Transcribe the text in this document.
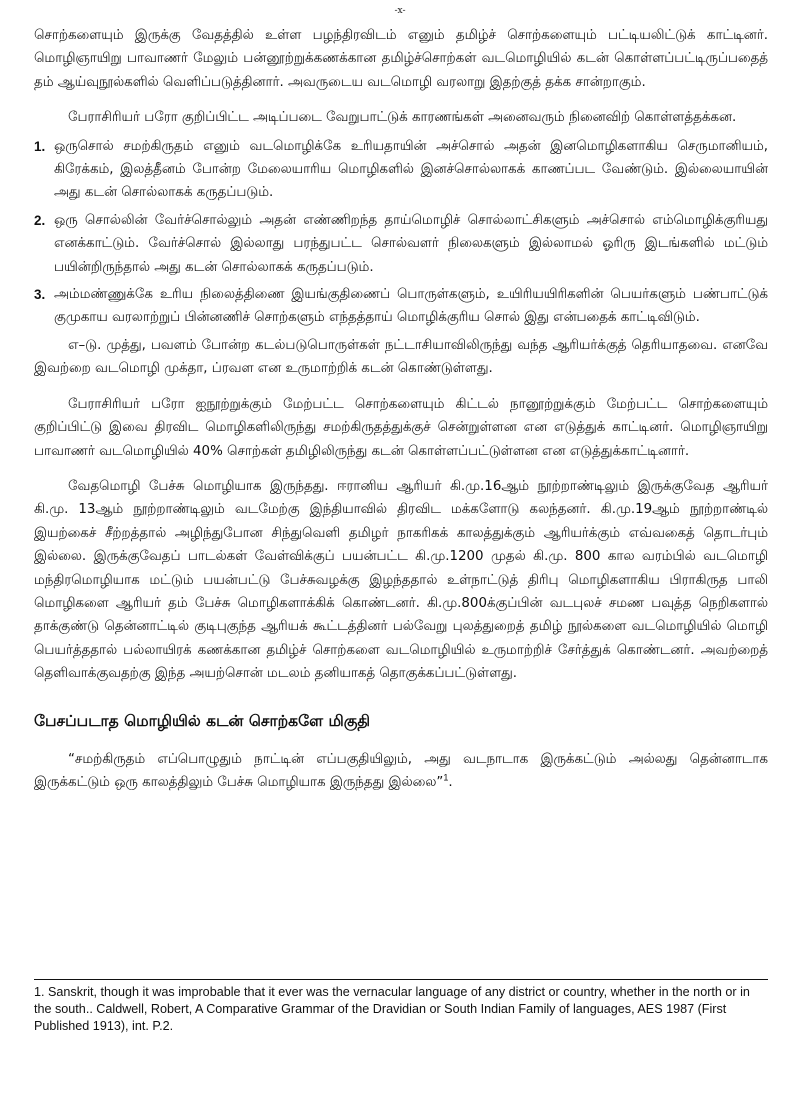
-x-

சொற்களையும் இருக்கு வேதத்தில் உள்ள பழந்திரவிடம் எனும் தமிழ்ச் சொற்களையும் பட்டியலிட்டுக் காட்டினர். மொழிஞாயிறு பாவாணர் மேலும் பன்னூற்றுக்கணக்கான தமிழ்ச்சொற்கள் வடமொழியில் கடன் கொள்ளப்பட்டிருப்பதைத் தம் ஆய்வுநூல்களில் வெளிப்படுத்தினார். அவருடைய வடமொழி வரலாறு இதற்குத் தக்க சான்றாகும்.

பேராசிரியர் பரோ குறிப்பிட்ட அடிப்படை வேறுபாட்டுக் காரணங்கள் அனைவரும் நினைவிற் கொள்ளத்தக்கன.

1. ஒருசொல் சமற்கிருதம் எனும் வடமொழிக்கே உரியதாயின் அச்சொல் அதன் இனமொழிகளாகிய செருமானியம், கிரேக்கம், இலத்தீனம் போன்ற மேலையாரிய மொழிகளில் இனச்சொல்லாகக் காணப்பட வேண்டும். இல்லையாயின் அது கடன் சொல்லாகக் கருதப்படும்.
2. ஒரு சொல்லின் வேர்ச்சொல்லும் அதன் எண்ணிறந்த தாய்மொழிச் சொல்லாட்சிகளும் அச்சொல் எம்மொழிக்குரியது எனக்காட்டும். வேர்ச்சொல் இல்லாது பரந்துபட்ட சொல்வளர் நிலைகளும் இல்லாமல் ஓரிரு இடங்களில் மட்டும் பயின்றிருந்தால் அது கடன் சொல்லாகக் கருதப்படும்.
3. அம்மண்ணுக்கே உரிய நிலைத்திணை இயங்குதிணைப் பொருள்களும், உயிரியயிரிகளின் பெயர்களும் பண்பாட்டுக் குமுகாய வரலாற்றுப் பின்னணிச் சொற்களும் எந்தத்தாய் மொழிக்குரிய சொல் இது என்பதைக் காட்டிவிடும்.

எ–டு. முத்து, பவளம் போன்ற கடல்படுபொருள்கள் நட்டாசியாவிலிருந்து வந்த ஆரியர்க்குத் தெரியாதவை. எனவே இவற்றை வடமொழி முக்தா, ப்ரவள என உருமாற்றிக் கடன் கொண்டுள்ளது.

பேராசிரியர் பரோ ஐநூற்றுக்கும் மேற்பட்ட சொற்களையும் கிட்டல் நானூற்றுக்கும் மேற்பட்ட சொற்களையும் குறிப்பிட்டு இவை திரவிட மொழிகளிலிருந்து சமற்கிருதத்துக்குச் சென்றுள்ளன என எடுத்துக் காட்டினர். மொழிஞாயிறு பாவாணர் வடமொழியில் 40% சொற்கள் தமிழிலிருந்து கடன் கொள்ளப்பட்டுள்ளன என எடுத்துக்காட்டினார்.

வேதமொழி பேச்சு மொழியாக இருந்தது. ஈரானிய ஆரியர் கி.மு.16ஆம் நூற்றாண்டிலும் இருக்குவேத ஆரியர் கி.மு. 13ஆம் நூற்றாண்டிலும் வடமேற்கு இந்தியாவில் திரவிட மக்களோடு கலந்தனர். கி.மு.19ஆம் நூற்றாண்டில் இயற்கைச் சீற்றத்தால் அழிந்துபோன சிந்துவெளி தமிழர் நாகரிகக் காலத்துக்கும் ஆரியர்க்கும் எவ்வகைத் தொடர்பும் இல்லை. இருக்குவேதப் பாடல்கள் வேள்விக்குப் பயன்பட்ட கி.மு.1200 முதல் கி.மு. 800 கால வரம்பில் வடமொழி மந்திரமொழியாக மட்டும் பயன்பட்டு பேச்சுவழக்கு இழந்ததால் உள்நாட்டுத் திரிபு மொழிகளாகிய பிராகிருத பாலி மொழிகளை ஆரியர் தம் பேச்சு மொழிகளாக்கிக் கொண்டனர். கி.மு.800க்குப்பின் வடபுலச் சமண பவுத்த நெறிகளால் தாக்குண்டு தென்னாட்டில் குடிபுகுந்த ஆரியக் கூட்டத்தினர் பல்வேறு புலத்துறைத் தமிழ் நூல்களை வடமொழியில் மொழி பெயர்த்ததால் பல்லாயிரக் கணக்கான தமிழ்ச் சொற்களை வடமொழியில் உருமாற்றிச் சேர்த்துக் கொண்டனர். அவற்றைத் தெளிவாக்குவதற்கு இந்த அயற்சொன் மடலம் தனியாகத் தொகுக்கப்பட்டுள்ளது.

பேசப்படாத மொழியில் கடன் சொற்களே மிகுதி

“சமற்கிருதம் எப்பொழுதும் நாட்டின் எப்பகுதியிலும், அது வடநாடாக இருக்கட்டும் அல்லது தென்னாடாக இருக்கட்டும் ஒரு காலத்திலும் பேச்சு மொழியாக இருந்தது இல்லை”$^1$.

1. Sanskrit, though it was improbable that it ever was the vernacular language of any district or country, whether in the north or in the south.. Caldwell, Robert, A Comparative Grammar of the Dravidian or South Indian Family of languages, AES 1987 (First Published 1913), int. P.2.
